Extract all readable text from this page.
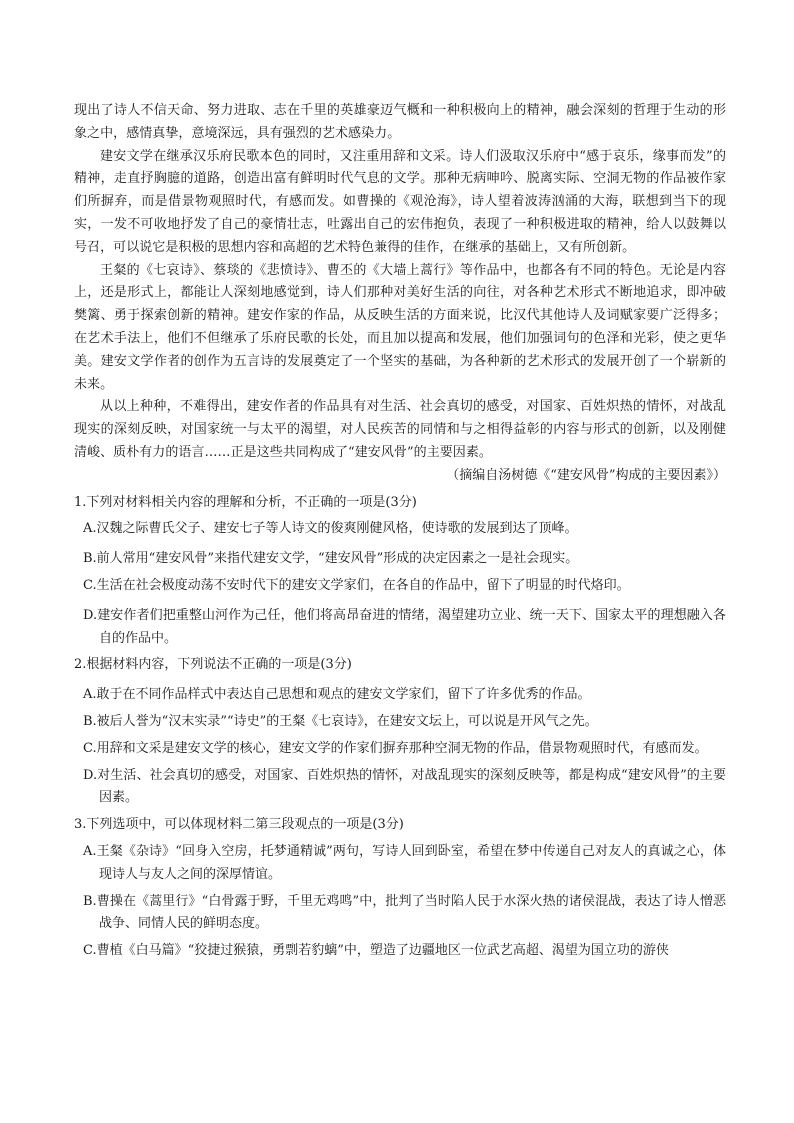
现出了诗人不信天命、努力进取、志在千里的英雄豪迈气概和一种积极向上的精神，融会深刻的哲理于生动的形象之中，感情真挚，意境深远，具有强烈的艺术感染力。

建安文学在继承汉乐府民歌本色的同时，又注重用辞和文采。诗人们汲取汉乐府中“感于哀乐，缘事而发”的精神，走直抒胸臆的道路，创造出富有鲜明时代气息的文学。那种无病呻吟、脱离实际、空洞无物的作品被作家们所摒弃，而是借景物观照时代，有感而发。如曹操的《观沧海》，诗人望着波涛汹涌的大海，联想到当下的现实，一发不可收地抒发了自己的豪情壮志，吐露出自己的宏伟抱负，表现了一种积极进取的精神，给人以鼓舞以号召，可以说它是积极的思想内容和高超的艺术特色兼得的佳作，在继承的基础上，又有所创新。

王粲的《七哀诗》、蔡琰的《悲愤诗》、曹丕的《大墙上蒿行》等作品中，也都各有不同的特色。无论是内容上，还是形式上，都能让人深刻地感觉到，诗人们那种对美好生活的向往，对各种艺术形式不断地追求，即冲破樊篱、勇于探索创新的精神。建安作家的作品，从反映生活的方面来说，比汉代其他诗人及词赋家要广泛得多；在艺术手法上，他们不但继承了乐府民歌的长处，而且加以提高和发展，他们加强词句的色泽和光彩，使之更华美。建安文学作者的创作为五言诗的发展奠定了一个坚实的基础，为各种新的艺术形式的发展开创了一个崭新的未来。

从以上种种，不难得出，建安作者的作品具有对生活、社会真切的感受，对国家、百姓炽热的情怀，对战乱现实的深刻反映，对国家统一与太平的渴望，对人民疾苦的同情和与之相得益彰的内容与形式的创新，以及刚健清峻、质朴有力的语言……正是这些共同构成了“建安风骨”的主要因素。

（摘编自汤树德《“建安风骨”构成的主要因素》）

1.下列对材料相关内容的理解和分析，不正确的一项是(3分)

A.汉魏之际曹氏父子、建安七子等人诗文的俊爽刚健风格，使诗歌的发展到达了顶峰。

B.前人常用“建安风骨”来指代建安文学，“建安风骨”形成的决定因素之一是社会现实。

C.生活在社会极度动荡不安时代下的建安文学家们，在各自的作品中，留下了明显的时代烙印。

D.建安作者们把重整山河作为己任，他们将高昂奋进的情绪，渴望建功立业、统一天下、国家太平的理想融入各自的作品中。

2.根据材料内容，下列说法不正确的一项是(3分)

A.敢于在不同作品样式中表达自己思想和观点的建安文学家们，留下了许多优秀的作品。

B.被后人誉为“汉末实录”“诗史”的王粲《七哀诗》，在建安文坛上，可以说是开风气之先。

C.用辞和文采是建安文学的核心，建安文学的作家们摒弃那种空洞无物的作品，借景物观照时代，有感而发。

D.对生活、社会真切的感受，对国家、百姓炽热的情怀，对战乱现实的深刻反映等，都是构成“建安风骨”的主要因素。

3.下列选项中，可以体现材料二第三段观点的一项是(3分)

A.王粲《杂诗》“回身入空房，托梦通精诚”两句，写诗人回到卧室，希望在梦中传递自己对友人的真诚之心，体现诗人与友人之间的深厚情谊。

B.曹操在《蒿里行》“白骨露于野，千里无鸡鸣”中，批判了当时陷人民于水深火热的诸侯混战，表达了诗人憎恶战争、同情人民的鲜明态度。

C.曹植《白马篇》“狡捷过猴猿，勇剽若豹螭”中，塑造了边疆地区一位武艺高超、渴望为国立功的游侠
